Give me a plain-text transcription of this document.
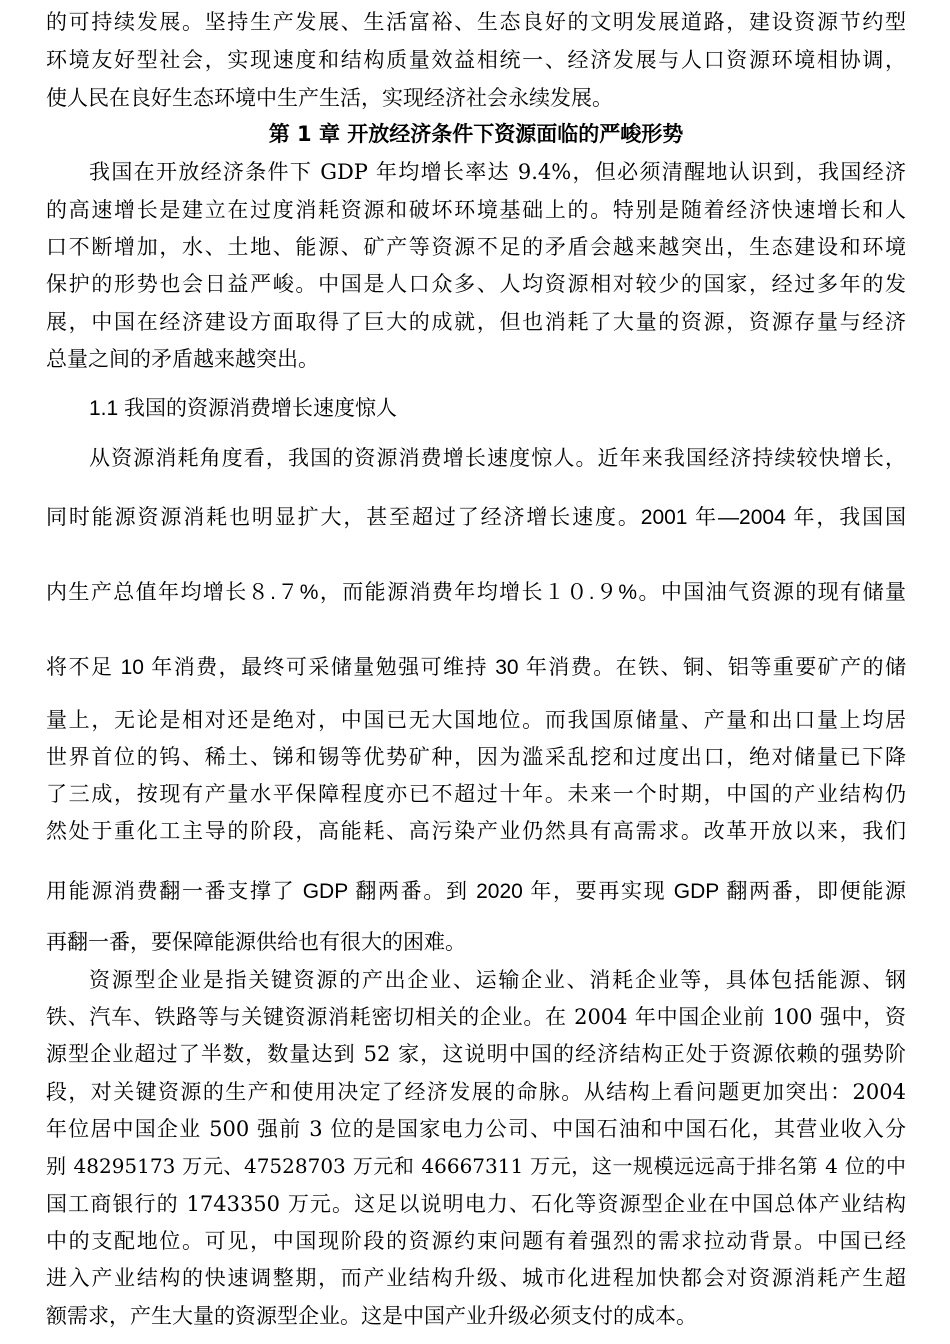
的可持续发展。坚持生产发展、生活富裕、生态良好的文明发展道路，建设资源节约型
环境友好型社会，实现速度和结构质量效益相统一、经济发展与人口资源环境相协调，
使人民在良好生态环境中生产生活，实现经济社会永续发展。
第 1 章 开放经济条件下资源面临的严峻形势
我国在开放经济条件下 GDP 年均增长率达 9.4%，但必须清醒地认识到，我国经济
的高速增长是建立在过度消耗资源和破坏环境基础上的。特别是随着经济快速增长和人
口不断增加，水、土地、能源、矿产等资源不足的矛盾会越来越突出，生态建设和环境
保护的形势也会日益严峻。中国是人口众多、人均资源相对较少的国家，经过多年的发
展，中国在经济建设方面取得了巨大的成就，但也消耗了大量的资源，资源存量与经济
总量之间的矛盾越来越突出。
1.1 我国的资源消费增长速度惊人
从资源消耗角度看，我国的资源消费增长速度惊人。近年来我国经济持续较快增长，
同时能源资源消耗也明显扩大，甚至超过了经济增长速度。2001 年—2004 年，我国国
内生产总值年均增长８.７%，而能源消费年均增长１０.９%。中国油气资源的现有储量
将不足 10 年消费，最终可采储量勉强可维持 30 年消费。在铁、铜、铝等重要矿产的储
量上，无论是相对还是绝对，中国已无大国地位。而我国原储量、产量和出口量上均居
世界首位的钨、稀土、锑和锡等优势矿种，因为滥采乱挖和过度出口，绝对储量已下降
了三成，按现有产量水平保障程度亦已不超过十年。未来一个时期，中国的产业结构仍
然处于重化工主导的阶段，高能耗、高污染产业仍然具有高需求。改革开放以来，我们
用能源消费翻一番支撑了 GDP 翻两番。到 2020 年，要再实现 GDP 翻两番，即便能源
再翻一番，要保障能源供给也有很大的困难。
资源型企业是指关键资源的产出企业、运输企业、消耗企业等，具体包括能源、钢
铁、汽车、铁路等与关键资源消耗密切相关的企业。在 2004 年中国企业前 100 强中，资
源型企业超过了半数，数量达到 52 家，这说明中国的经济结构正处于资源依赖的强势阶
段，对关键资源的生产和使用决定了经济发展的命脉。从结构上看问题更加突出：2004
年位居中国企业 500 强前 3 位的是国家电力公司、中国石油和中国石化，其营业收入分
别 48295173 万元、47528703 万元和 46667311 万元，这一规模远远高于排名第 4 位的中
国工商银行的 1743350 万元。这足以说明电力、石化等资源型企业在中国总体产业结构
中的支配地位。可见，中国现阶段的资源约束问题有着强烈的需求拉动背景。中国已经
进入产业结构的快速调整期，而产业结构升级、城市化进程加快都会对资源消耗产生超
额需求，产生大量的资源型企业。这是中国产业升级必须支付的成本。
